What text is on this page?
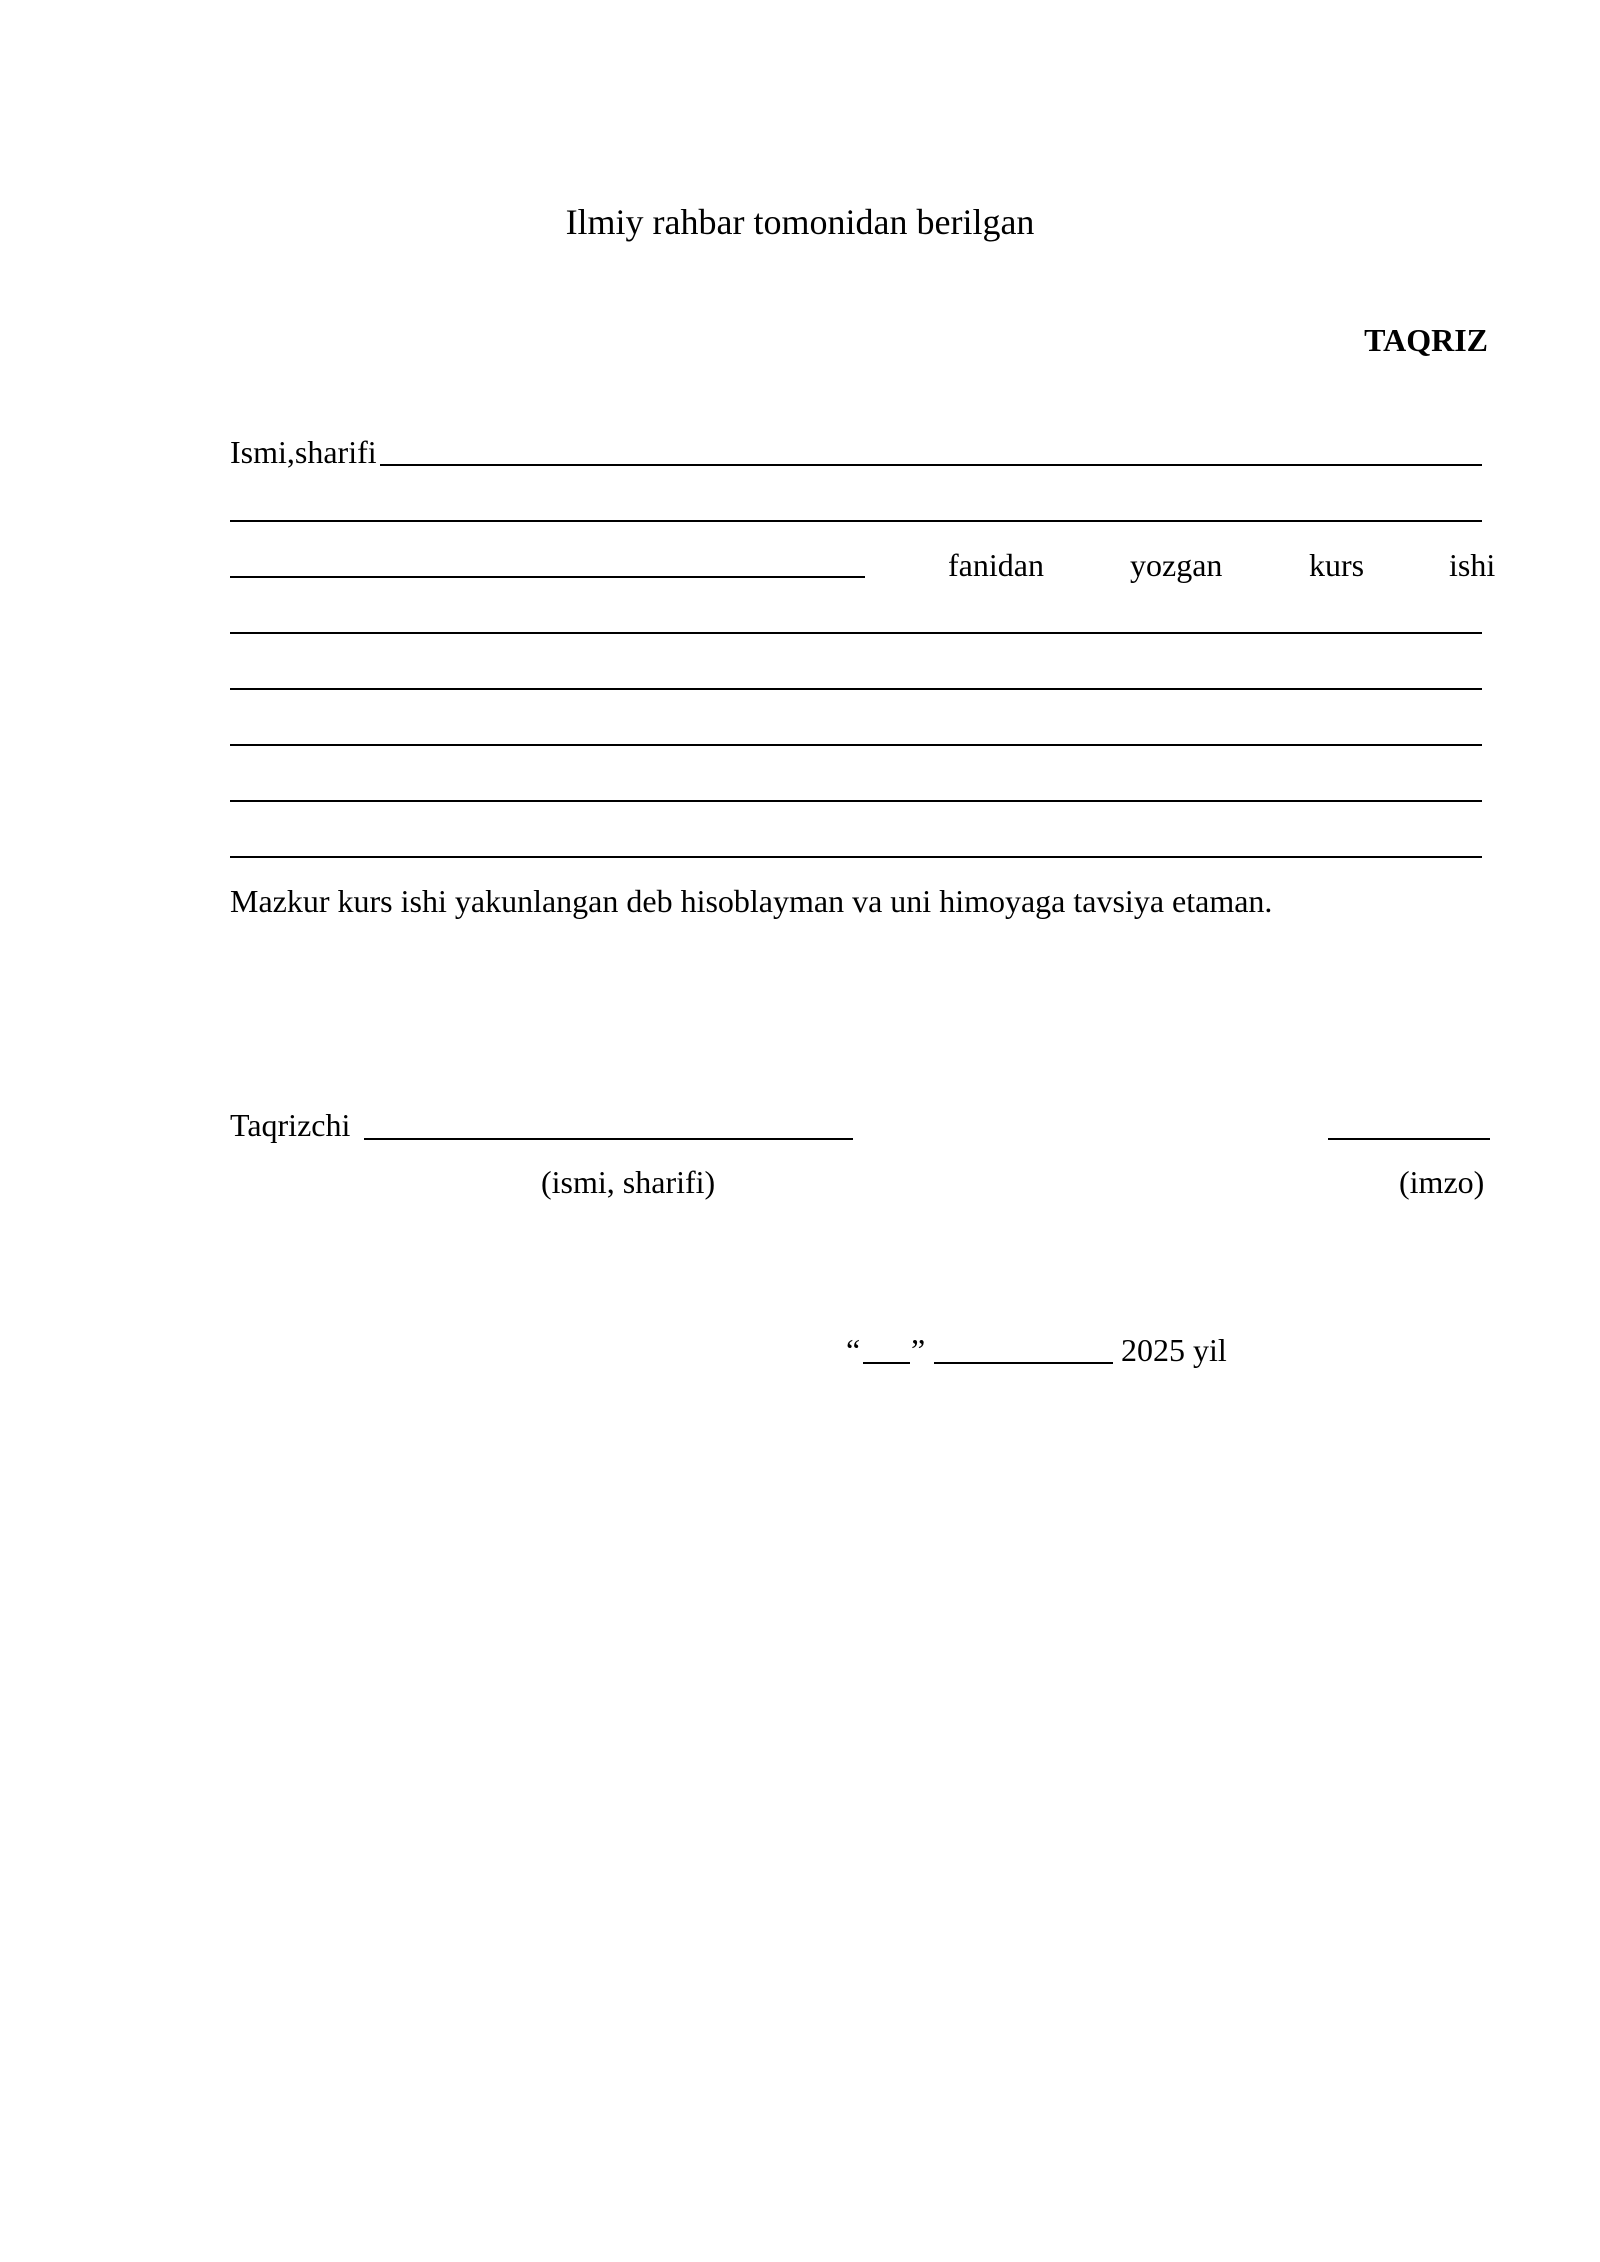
Ilmiy rahbar tomonidan berilgan
TAQRIZ
Ismi,sharifi
fanidan	yozgan	kurs	ishi
Mazkur kurs ishi yakunlangan deb hisoblayman va uni himoyaga tavsiya etaman.
Taqrizchi
(ismi, sharifi)	(imzo)
“ ”	2025 yil
